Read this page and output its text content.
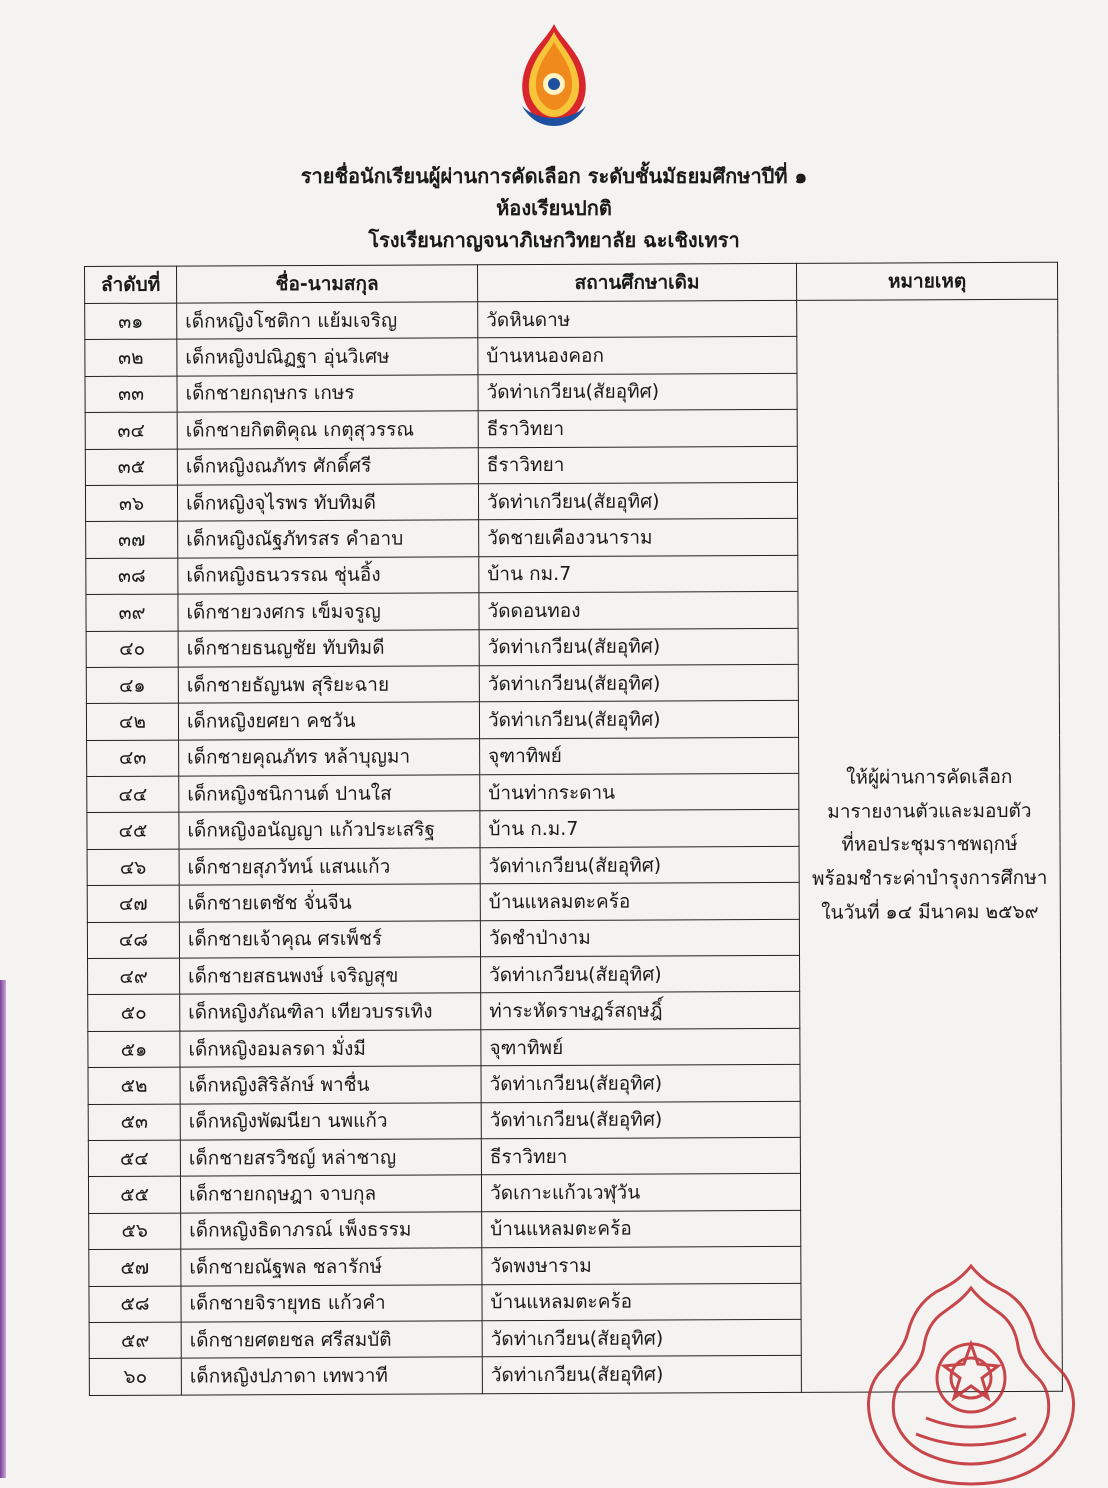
รายชื่อนักเรียนผู้ผ่านการคัดเลือก ระดับชั้นมัธยมศึกษาปีที่ ๑
ห้องเรียนปกติ
โรงเรียนกาญจนาภิเษกวิทยาลัย ฉะเชิงเทรา
ลำดับที่	ชื่อ-นามสกุล	สถานศึกษาเดิม	หมายเหตุ
๓๑	เด็กหญิงโชติกา แย้มเจริญ	วัดหินดาษ	ให้ผู้ผ่านการคัดเลือก
มารายงานตัวและมอบตัว
ที่หอประชุมราชพฤกษ์
พร้อมชำระค่าบำรุงการศึกษา
ในวันที่ ๑๔ มีนาคม ๒๕๖๙

๓๒	เด็กหญิงปณิฏฐา อุ่นวิเศษ	บ้านหนองคอก	
๓๓	เด็กชายกฤษกร เกษร	วัดท่าเกวียน(สัยอุทิศ)	
๓๔	เด็กชายกิตติคุณ เกตุสุวรรณ	ธีราวิทยา	
๓๕	เด็กหญิงณภัทร ศักดิ์ศรี	ธีราวิทยา	
๓๖	เด็กหญิงจุไรพร ทับทิมดี	วัดท่าเกวียน(สัยอุทิศ)	
๓๗	เด็กหญิงณัฐภัทรสร คำอาบ	วัดชายเคืองวนาราม	
๓๘	เด็กหญิงธนวรรณ ชุ่นอิ้ง	บ้าน กม.7	
๓๙	เด็กชายวงศกร เข็มจรูญ	วัดดอนทอง	
๔๐	เด็กชายธนญชัย ทับทิมดี	วัดท่าเกวียน(สัยอุทิศ)	
๔๑	เด็กชายธัญนพ สุริยะฉาย	วัดท่าเกวียน(สัยอุทิศ)	
๔๒	เด็กหญิงยศยา คชวัน	วัดท่าเกวียน(สัยอุทิศ)	
๔๓	เด็กชายคุณภัทร หล้าบุญมา	จุฑาทิพย์	
๔๔	เด็กหญิงชนิกานต์ ปานใส	บ้านท่ากระดาน	
๔๕	เด็กหญิงอนัญญา แก้วประเสริฐ	บ้าน ก.ม.7	
๔๖	เด็กชายสุภวัทน์ แสนแก้ว	วัดท่าเกวียน(สัยอุทิศ)	
๔๗	เด็กชายเตชัช จั่นจีน	บ้านแหลมตะคร้อ	
๔๘	เด็กชายเจ้าคุณ ศรเพ็ชร์	วัดชำป่างาม	
๔๙	เด็กชายสธนพงษ์ เจริญสุข	วัดท่าเกวียน(สัยอุทิศ)	
๕๐	เด็กหญิงภัณฑิลา เทียวบรรเทิง	ท่าระหัดราษฎร์สฤษฎิ์	
๕๑	เด็กหญิงอมลรดา มั่งมี	จุฑาทิพย์	
๕๒	เด็กหญิงสิริลักษ์ พาชื่น	วัดท่าเกวียน(สัยอุทิศ)	
๕๓	เด็กหญิงพัฒนียา นพแก้ว	วัดท่าเกวียน(สัยอุทิศ)	
๕๔	เด็กชายสรวิชญ์ หล่าชาญ	ธีราวิทยา	
๕๕	เด็กชายกฤษฎา จาบกุล	วัดเกาะแก้วเวฬุวัน	
๕๖	เด็กหญิงธิดาภรณ์ เพ็งธรรม	บ้านแหลมตะคร้อ	
๕๗	เด็กชายณัฐพล ชลารักษ์	วัดพงษาราม	
๕๘	เด็กชายจิรายุทธ แก้วคำ	บ้านแหลมตะคร้อ	
๕๙	เด็กชายศตยชล ศรีสมบัติ	วัดท่าเกวียน(สัยอุทิศ)	
๖๐	เด็กหญิงปภาดา เทพวาที	วัดท่าเกวียน(สัยอุทิศ)	
